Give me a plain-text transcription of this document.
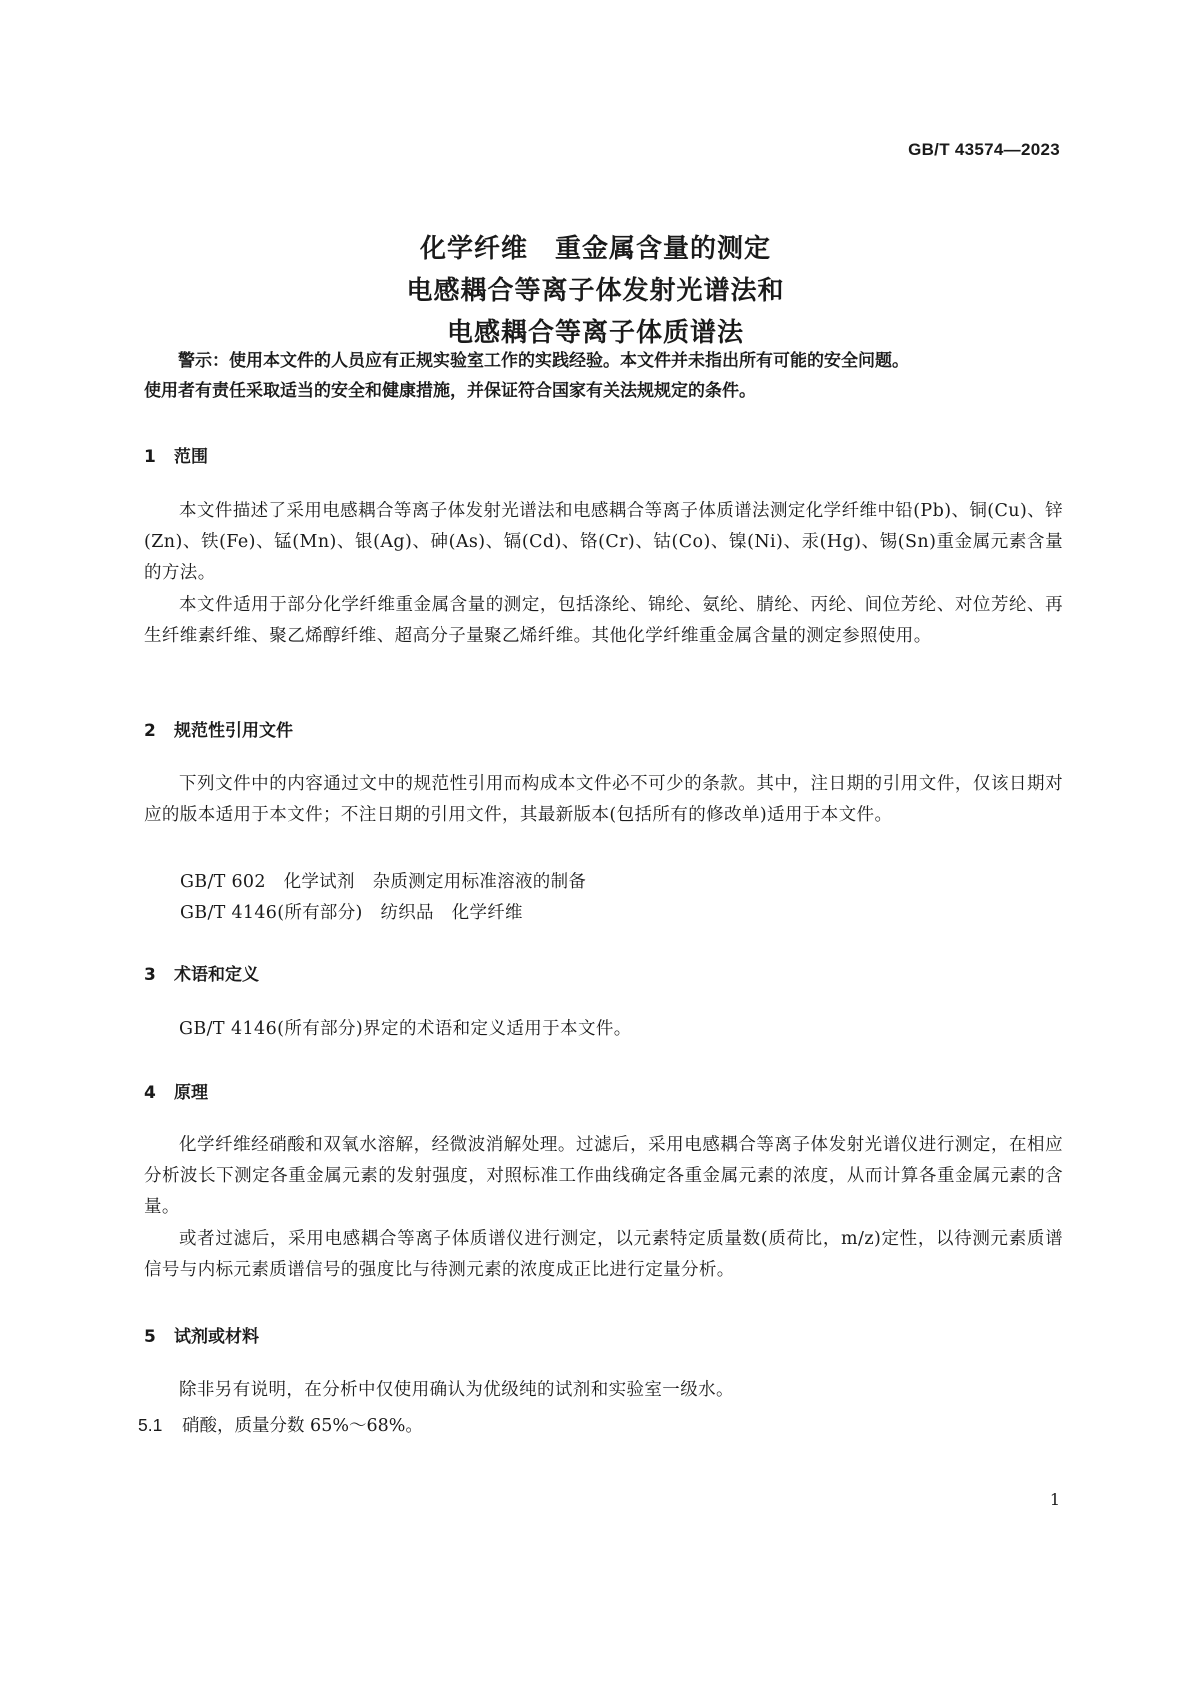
GB/T 43574—2023
化学纤维　重金属含量的测定
电感耦合等离子体发射光谱法和
电感耦合等离子体质谱法
警示：使用本文件的人员应有正规实验室工作的实践经验。本文件并未指出所有可能的安全问题。
使用者有责任采取适当的安全和健康措施，并保证符合国家有关法规规定的条件。
1 范围
本文件描述了采用电感耦合等离子体发射光谱法和电感耦合等离子体质谱法测定化学纤维中铅(Pb)、铜(Cu)、锌(Zn)、铁(Fe)、锰(Mn)、银(Ag)、砷(As)、镉(Cd)、铬(Cr)、钴(Co)、镍(Ni)、汞(Hg)、锡(Sn)重金属元素含量的方法。
本文件适用于部分化学纤维重金属含量的测定，包括涤纶、锦纶、氨纶、腈纶、丙纶、间位芳纶、对位芳纶、再生纤维素纤维、聚乙烯醇纤维、超高分子量聚乙烯纤维。其他化学纤维重金属含量的测定参照使用。
2 规范性引用文件
下列文件中的内容通过文中的规范性引用而构成本文件必不可少的条款。其中，注日期的引用文件，仅该日期对应的版本适用于本文件；不注日期的引用文件，其最新版本(包括所有的修改单)适用于本文件。
GB/T 602　化学试剂　杂质测定用标准溶液的制备
GB/T 4146(所有部分)　纺织品　化学纤维
3 术语和定义
GB/T 4146(所有部分)界定的术语和定义适用于本文件。
4 原理
化学纤维经硝酸和双氧水溶解，经微波消解处理。过滤后，采用电感耦合等离子体发射光谱仪进行测定，在相应分析波长下测定各重金属元素的发射强度，对照标准工作曲线确定各重金属元素的浓度，从而计算各重金属元素的含量。
或者过滤后，采用电感耦合等离子体质谱仪进行测定，以元素特定质量数(质荷比，m/z)定性，以待测元素质谱信号与内标元素质谱信号的强度比与待测元素的浓度成正比进行定量分析。
5 试剂或材料
除非另有说明，在分析中仅使用确认为优级纯的试剂和实验室一级水。
5.1 硝酸，质量分数 65%～68%。
1
